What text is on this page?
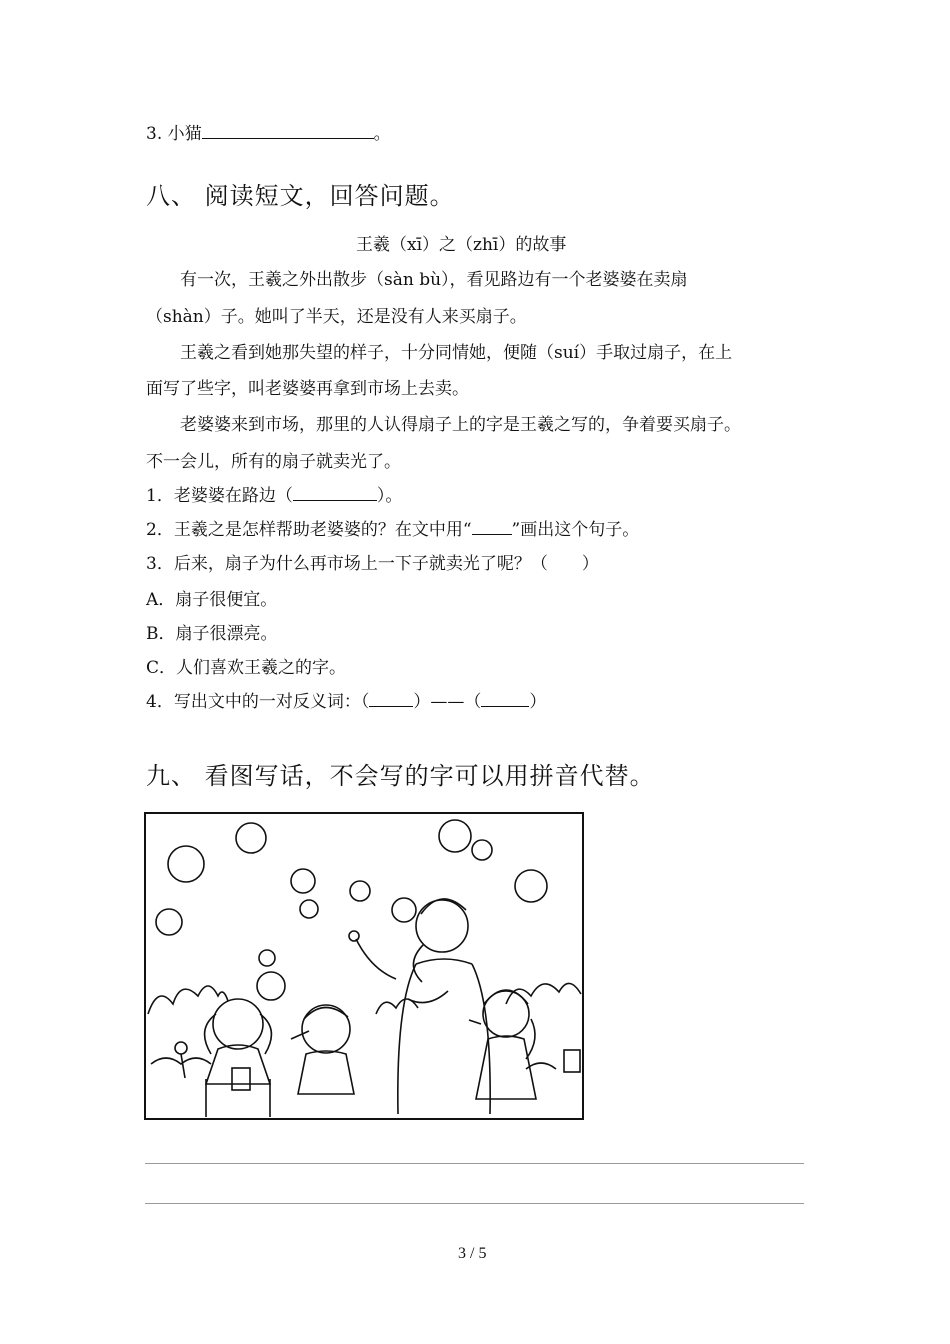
3. 小猫	。
八、 阅读短文，回答问题。
王羲（xī）之（zhī）的故事
有一次，王羲之外出散步（sàn bù），看见路边有一个老婆婆在卖扇
（shàn）子。她叫了半天，还是没有人来买扇子。
王羲之看到她那失望的样子，十分同情她，便随（suí）手取过扇子，在上
面写了些字，叫老婆婆再拿到市场上去卖。
老婆婆来到市场，那里的人认得扇子上的字是王羲之写的，争着要买扇子。
不一会儿，所有的扇子就卖光了。
1．老婆婆在路边（	）。
2．王羲之是怎样帮助老婆婆的？在文中用“ ”画出这个句子。
3．后来，扇子为什么再市场上一下子就卖光了呢？（　　）
A．扇子很便宜。
B．扇子很漂亮。
C．人们喜欢王羲之的字。
4．写出文中的一对反义词：（	）——（	）
九、 看图写话，不会写的字可以用拼音代替。
3 / 5
